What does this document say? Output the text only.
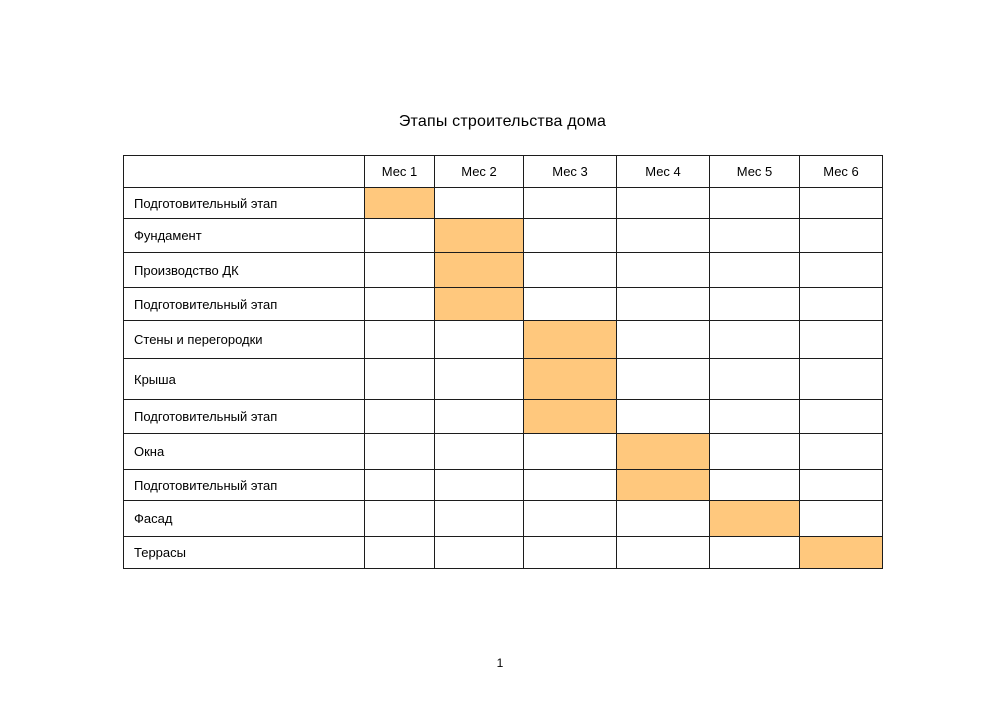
Этапы строительства дома
	Мес 1	Мес 2	Мес 3	Мес 4	Мес 5	Мес 6
Подготовительный этап						
Фундамент						
Производство ДК						
Подготовительный этап						
Стены и перегородки						
Крыша						
Подготовительный этап						
Окна						
Подготовительный этап						
Фасад						
Террасы						
1
